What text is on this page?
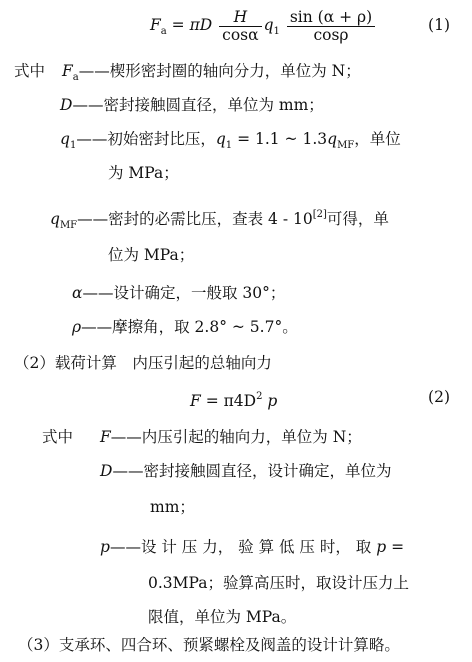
$F_a = \pi D \frac{H}{\cos\alpha} q_1 \frac{\sin (\alpha + \rho)}{\cos\rho}$	(1)
式中 $F_a——$楔形密封圈的轴向分力，单位为 N；
D——密封接触圆直径，单位为 mm；
$q_1——$初始密封比压，$q_1 = 1.1$ ~ $1.3q_{MF}$，单位
为 MPa；
$q_{MF}——$密封的必需比压，查表 4 - 10[2]可得，单
位为 MPa；
α——设计确定，一般取 30°；
ρ——摩擦角，取 2.8° ~ 5.7°。
（2）载荷计算　内压引起的总轴向力
$F = \pi 4D^2$ p	(2)
式中 F——内压引起的轴向力，单位为 N；
D——密封接触圆直径，设计确定，单位为
mm；
p——设 计 压 力， 验 算 低 压 时， 取 p =
0.3MPa；验算高压时，取设计压力上
限值，单位为 MPa。
（3）支承环、四合环、预紧螺栓及阀盖的设计计算略。
